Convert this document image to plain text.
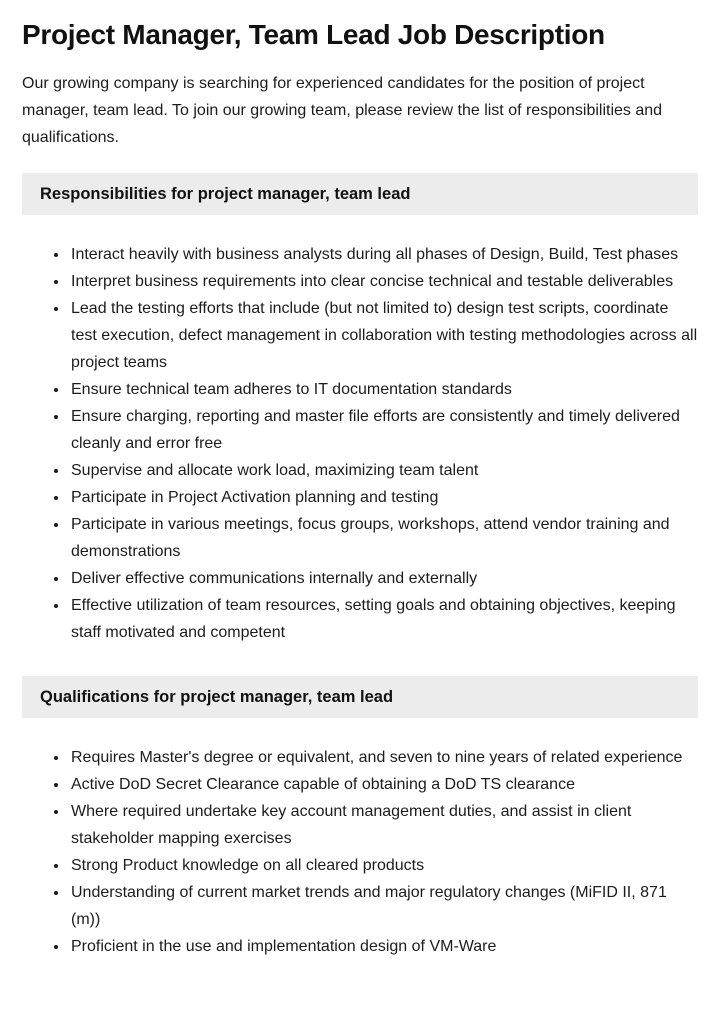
Project Manager, Team Lead Job Description

Our growing company is searching for experienced candidates for the position of project manager, team lead. To join our growing team, please review the list of responsibilities and qualifications.

Responsibilities for project manager, team lead
• Interact heavily with business analysts during all phases of Design, Build, Test phases
• Interpret business requirements into clear concise technical and testable deliverables
• Lead the testing efforts that include (but not limited to) design test scripts, coordinate test execution, defect management in collaboration with testing methodologies across all project teams
• Ensure technical team adheres to IT documentation standards
• Ensure charging, reporting and master file efforts are consistently and timely delivered cleanly and error free
• Supervise and allocate work load, maximizing team talent
• Participate in Project Activation planning and testing
• Participate in various meetings, focus groups, workshops, attend vendor training and demonstrations
• Deliver effective communications internally and externally
• Effective utilization of team resources, setting goals and obtaining objectives, keeping staff motivated and competent
Qualifications for project manager, team lead
• Requires Master's degree or equivalent, and seven to nine years of related experience
• Active DoD Secret Clearance capable of obtaining a DoD TS clearance
• Where required undertake key account management duties, and assist in client stakeholder mapping exercises
• Strong Product knowledge on all cleared products
• Understanding of current market trends and major regulatory changes (MiFID II, 871 (m))
• Proficient in the use and implementation design of VM-Ware
